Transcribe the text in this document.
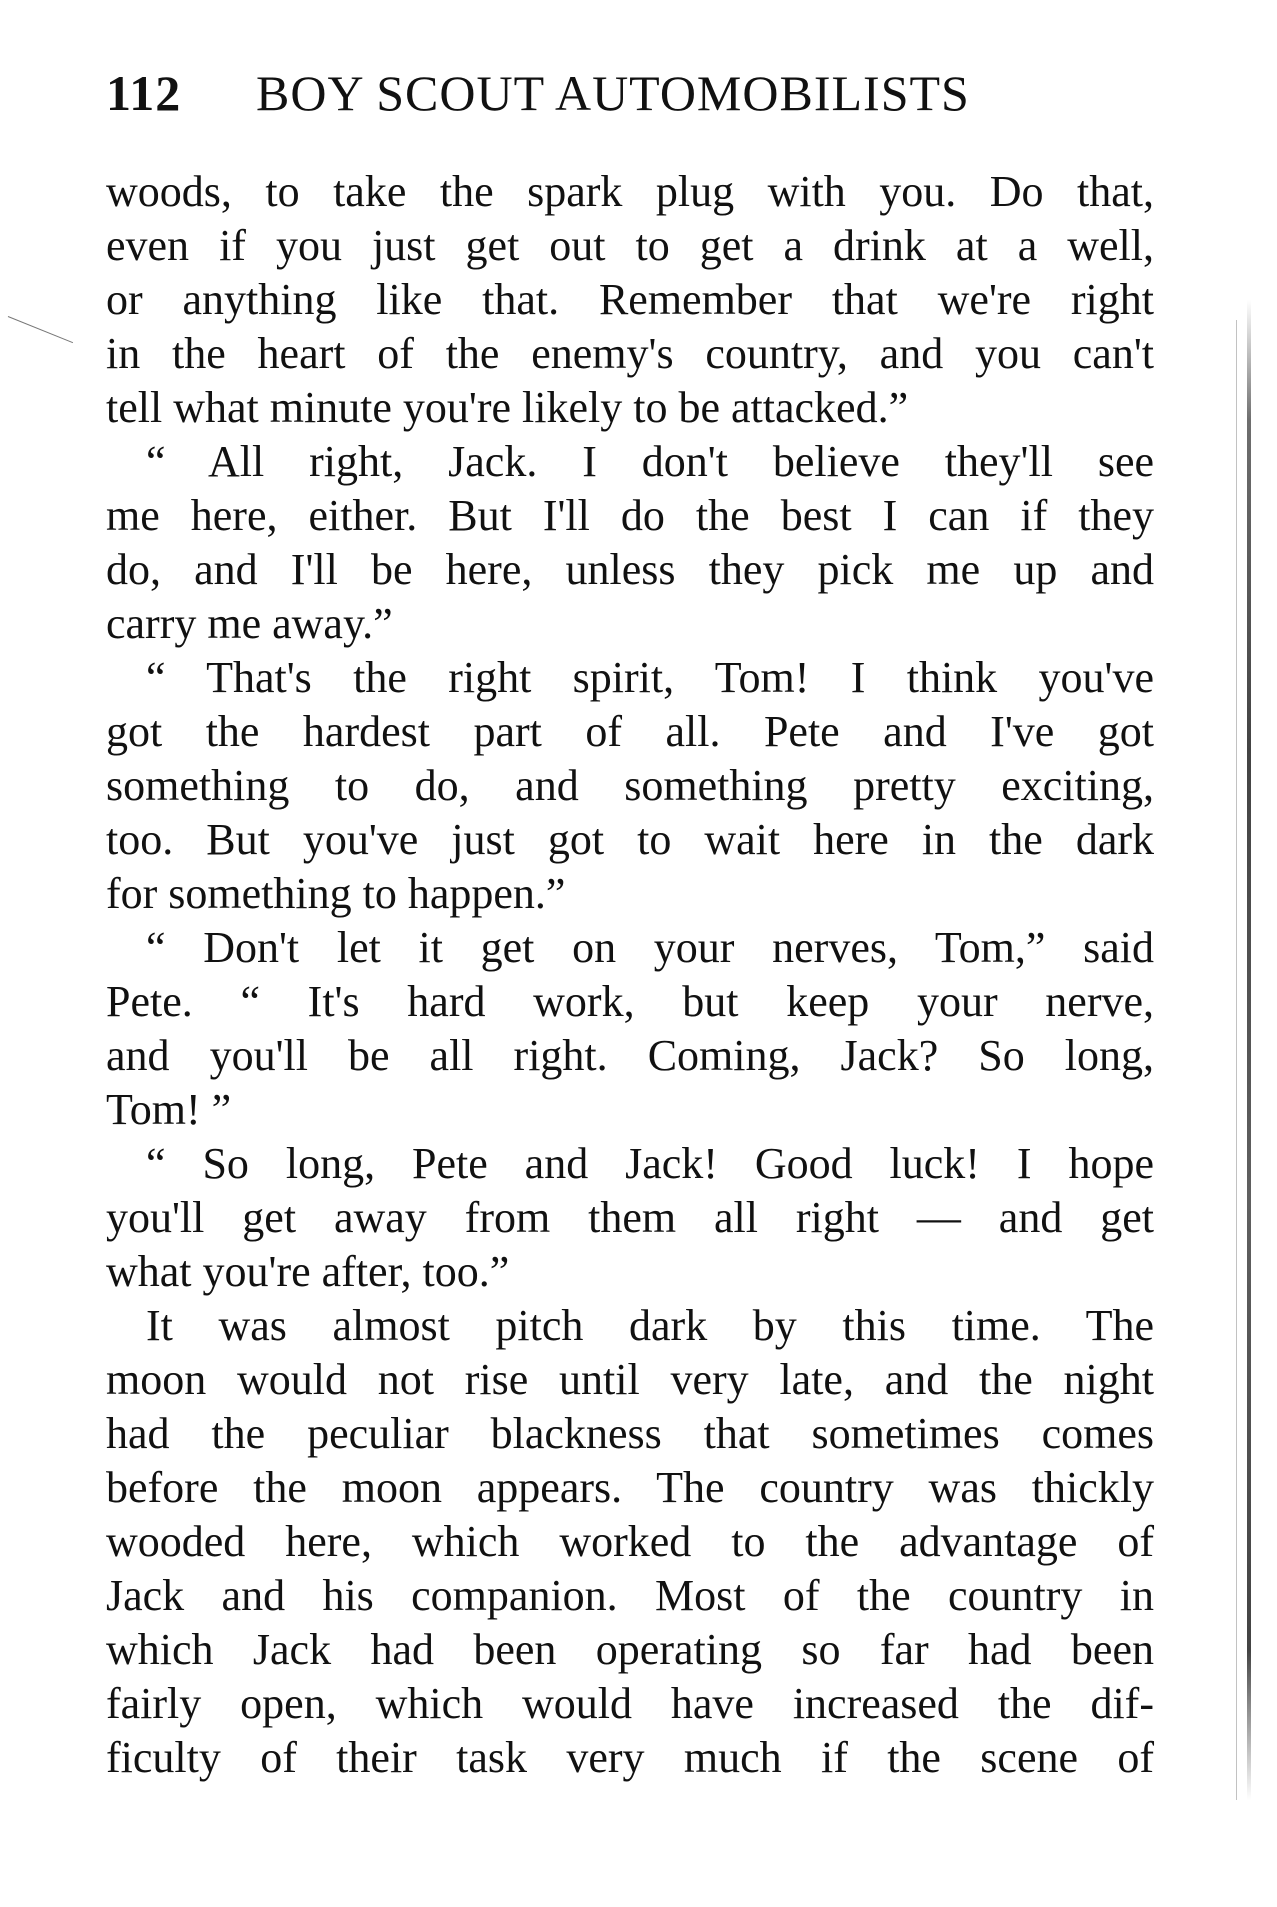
112 BOY SCOUT AUTOMOBILISTS
woods, to take the spark plug with you. Do that,
even if you just get out to get a drink at a well,
or anything like that. Remember that we're right
in the heart of the enemy's country, and you can't
tell what minute you're likely to be attacked.”
“ All right, Jack. I don't believe they'll see
me here, either. But I'll do the best I can if they
do, and I'll be here, unless they pick me up and
carry me away.”
“ That's the right spirit, Tom! I think you've
got the hardest part of all. Pete and I've got
something to do, and something pretty exciting,
too. But you've just got to wait here in the dark
for something to happen.”
“ Don't let it get on your nerves, Tom,” said
Pete. “ It's hard work, but keep your nerve,
and you'll be all right. Coming, Jack? So long,
Tom! ”
“ So long, Pete and Jack! Good luck! I hope
you'll get away from them all right — and get
what you're after, too.”
It was almost pitch dark by this time. The
moon would not rise until very late, and the night
had the peculiar blackness that sometimes comes
before the moon appears. The country was thickly
wooded here, which worked to the advantage of
Jack and his companion. Most of the country in
which Jack had been operating so far had been
fairly open, which would have increased the dif-
ficulty of their task very much if the scene of
